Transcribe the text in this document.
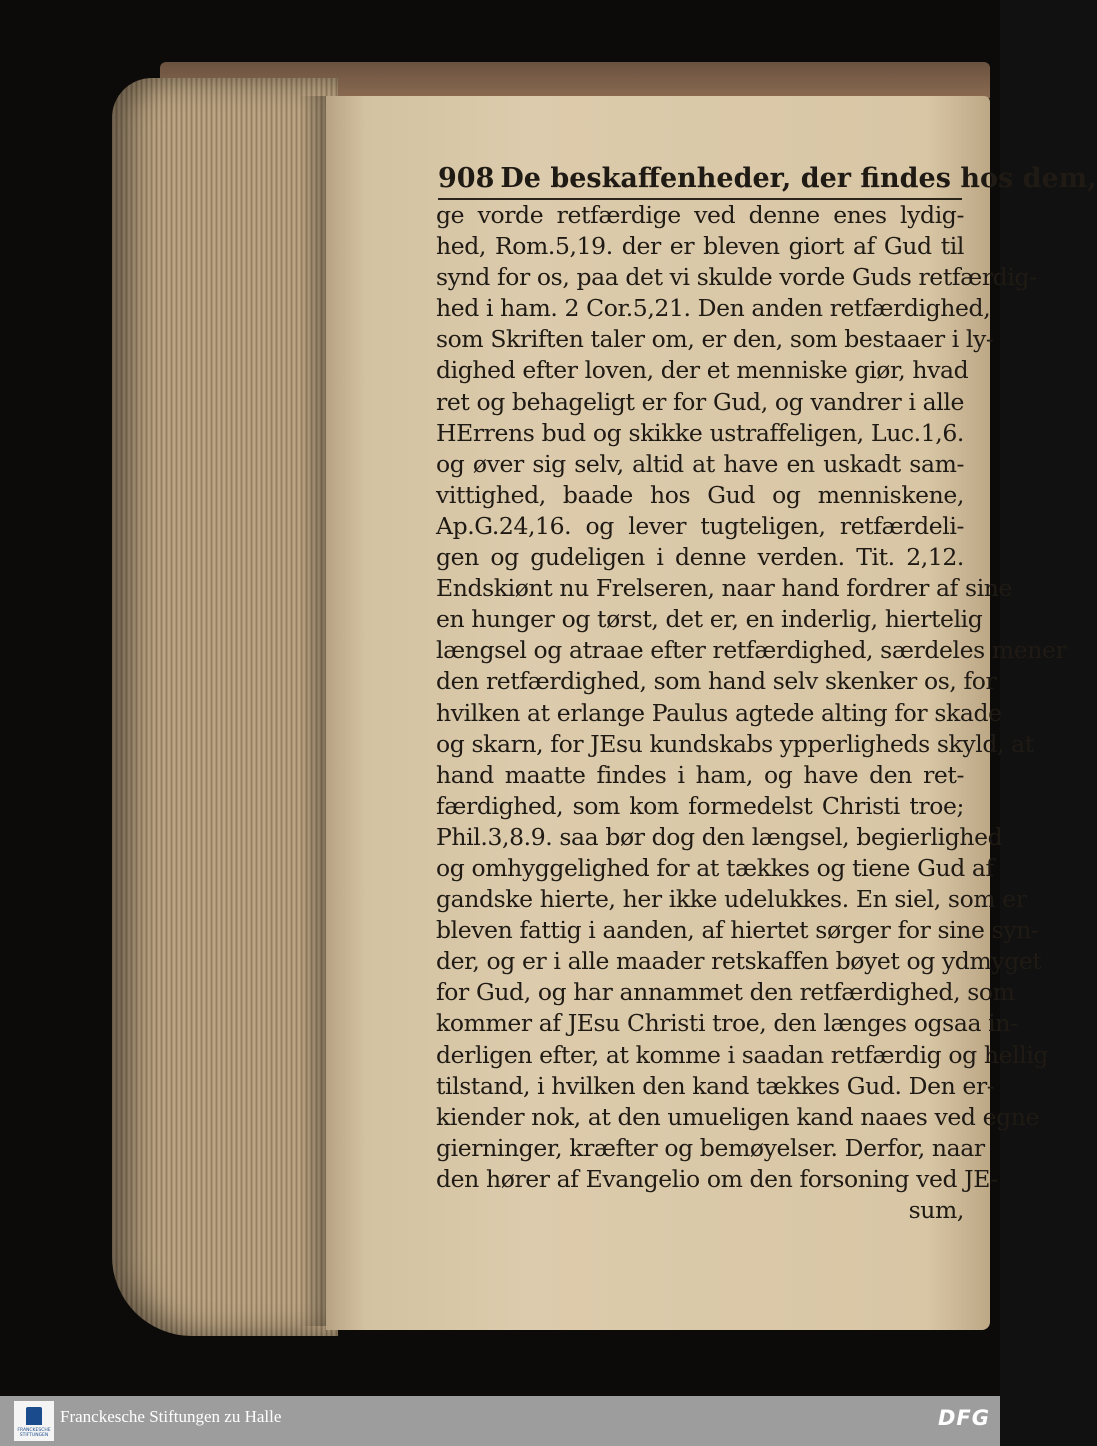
908 De beskaffenheder, der findes hos dem,
ge vorde retfærdige ved denne enes lydig-
hed, Rom.5,19. der er bleven giort af Gud til
synd for os, paa det vi skulde vorde Guds retfærdig-
hed i ham. 2 Cor.5,21. Den anden retfærdighed,
som Skriften taler om, er den, som bestaaer i ly-
dighed efter loven, der et menniske giør, hvad
ret og behageligt er for Gud, og vandrer i alle
HErrens bud og skikke ustraffeligen, Luc.1,6.
og øver sig selv, altid at have en uskadt sam-
vittighed, baade hos Gud og menniskene,
Ap.G.24,16. og lever tugteligen, retfærdeli-
gen og gudeligen i denne verden. Tit. 2,12.
Endskiønt nu Frelseren, naar hand fordrer af sine
en hunger og tørst, det er, en inderlig, hiertelig
længsel og atraae efter retfærdighed, særdeles mener
den retfærdighed, som hand selv skenker os, for
hvilken at erlange Paulus agtede alting for skade
og skarn, for JEsu kundskabs ypperligheds skyld, at
hand maatte findes i ham, og have den ret-
færdighed, som kom formedelst Christi troe;
Phil.3,8.9. saa bør dog den længsel, begierlighed
og omhyggelighed for at tækkes og tiene Gud af
gandske hierte, her ikke udelukkes. En siel, som er
bleven fattig i aanden, af hiertet sørger for sine syn-
der, og er i alle maader retskaffen bøyet og ydmyget
for Gud, og har annammet den retfærdighed, som
kommer af JEsu Christi troe, den længes ogsaa in-
derligen efter, at komme i saadan retfærdig og hellig
tilstand, i hvilken den kand tækkes Gud. Den er-
kiender nok, at den umueligen kand naaes ved egne
gierninger, kræfter og bemøyelser. Derfor, naar
den hører af Evangelio om den forsoning ved JE-
sum,
FRANCKESCHE STIFTUNGEN
Franckesche Stiftungen zu Halle	DFG
